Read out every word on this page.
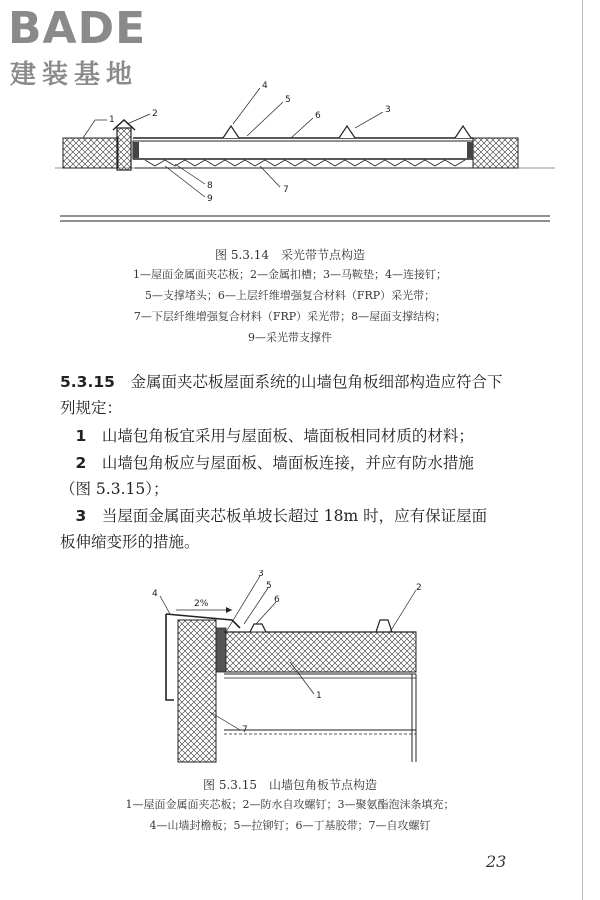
BADE
建装基地
1
2
4
5
6
3
7
8
9
图 5.3.14　采光带节点构造
1—屋面金属面夹芯板；2—金属扣槽；3—马鞍垫；4—连接钉；
5—支撑堵头；6—上层纤维增强复合材料（FRP）采光带；
7—下层纤维增强复合材料（FRP）采光带；8—屋面支撑结构；
9—采光带支撑件
5.3.15　 金属面夹芯板屋面系统的山墙包角板细部构造应符合下
列规定：
　1　 山墙包角板宜采用与屋面板、墙面板相同材质的材料；
　2　 山墙包角板应与屋面板、墙面板连接，并应有防水措施
（图 5.3.15）；
　3　 当屋面金属面夹芯板单坡长超过 18m 时，应有保证屋面
板伸缩变形的措施。
4
2%
3
5
6
2
1
7
图 5.3.15　山墙包角板节点构造
1—屋面金属面夹芯板；2—防水自攻螺钉；3—聚氨酯泡沫条填充；
4—山墙封檐板；5—拉铆钉；6—丁基胶带；7—自攻螺钉
23
